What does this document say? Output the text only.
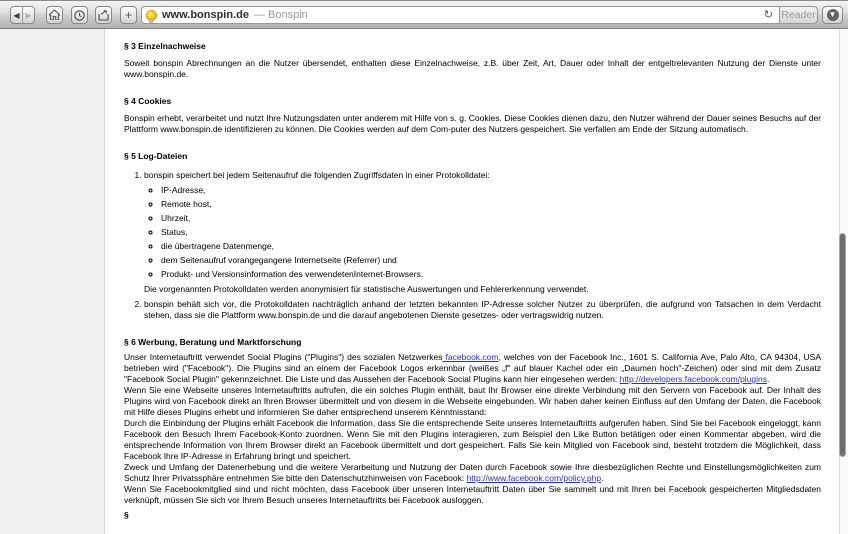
◀ ▶	+	www.bonspin.de — Bonspin	↻ Reader ▼
§ 3 Einzelnachweise
Soweit bonspin Abrechnungen an die Nutzer übersendet, enthalten diese Einzelnachweise, z.B. über Zeit, Art, Dauer oder Inhalt der entgeltrelevanten Nutzung der Dienste unter www.bonspin.de.
§ 4 Cookies
Bonspin erhebt, verarbeitet und nutzt Ihre Nutzungsdaten unter anderem mit Hilfe von s. g. Cookies. Diese Cookies dienen dazu, den Nutzer während der Dauer seines Besuchs auf der Plattform www.bonspin.de identifizieren zu können. Die Cookies werden auf dem Com-puter des Nutzers gespeichert. Sie verfallen am Ende der Sitzung automatisch.
§ 5 Log-Dateien
1. bonspin speichert bei jedem Seitenaufruf die folgenden Zugriffsdaten in einer Protokolldatei:
◦ IP-Adresse,
◦ Remote host,
◦ Uhrzeit,
◦ Status,
◦ die übertragene Datenmenge,
◦ dem Seitenaufruf vorangegangene Internetseite (Referrer) und
◦ Produkt- und Versionsinformation des verwendetenInternet-Browsers.
Die vorgenannten Protokolldaten werden anonymisiert für statistische Auswertungen und Fehlererkennung verwendet.
2. bonspin behält sich vor, die Protokolldaten nachträglich anhand der letzten bekannten IP-Adresse solcher Nutzer zu überprüfen, die aufgrund von Tatsachen in dem Verdacht stehen, dass sie die Plattform www.bonspin.de und die darauf angebotenen Dienste gesetzes- oder vertragswidrig nutzen.
§ 6 Werbung, Beratung und Marktforschung
Unser Internetauftritt verwendet Social Plugins ("Plugins") des sozialen Netzwerkes facebook.com, welches von der Facebook Inc., 1601 S. California Ave, Palo Alto, CA 94304, USA betrieben wird ("Facebook"). Die Plugins sind an einem der Facebook Logos erkennbar (weißes „f" auf blauer Kachel oder ein „Daumen hoch"-Zeichen) oder sind mit dem Zusatz "Facebook Social Plugin" gekennzeichnet. Die Liste und das Aussehen der Facebook Social Plugins kann hier eingesehen werden: http://developers.facebook.com/plugins.
Wenn Sie eine Webseite unseres Internetauftritts aufrufen, die ein solches Plugin enthält, baut Ihr Browser eine direkte Verbindung mit den Servern von Facebook auf. Der Inhalt des Plugins wird von Facebook direkt an Ihren Browser übermittelt und von diesem in die Webseite eingebunden. Wir haben daher keinen Einfluss auf den Umfang der Daten, die Facebook mit Hilfe dieses Plugins erhebt und informieren Sie daher entsprechend unserem Kenntnisstand:
Durch die Einbindung der Plugins erhält Facebook die Information, dass Sie die entsprechende Seite unseres Internetauftritts aufgerufen haben. Sind Sie bei Facebook eingeloggt, kann Facebook den Besuch Ihrem Facebook-Konto zuordnen. Wenn Sie mit den Plugins interagieren, zum Beispiel den Like Button betätigen oder einen Kommentar abgeben, wird die entsprechende Information von Ihrem Browser direkt an Facebook übermittelt und dort gespeichert. Falls Sie kein Mitglied von Facebook sind, besteht trotzdem die Möglichkeit, dass Facebook Ihre IP-Adresse in Erfahrung bringt und speichert.
Zweck und Umfang der Datenerhebung und die weitere Verarbeitung und Nutzung der Daten durch Facebook sowie Ihre diesbezüglichen Rechte und Einstellungsmöglichkeiten zum Schutz Ihrer Privatssphäre entnehmen Sie bitte den Datenschutzhinweisen von Facebook: http://www.facebook.com/policy.php.
Wenn Sie Facebookmitglied sind und nicht möchten, dass Facebook über unseren Internetauftritt Daten über Sie sammelt und mit Ihren bei Facebook gespeicherten Mitgliedsdaten verknüpft, müssen Sie sich vor Ihrem Besuch unseres Internetauftritts bei Facebook ausloggen.
§
